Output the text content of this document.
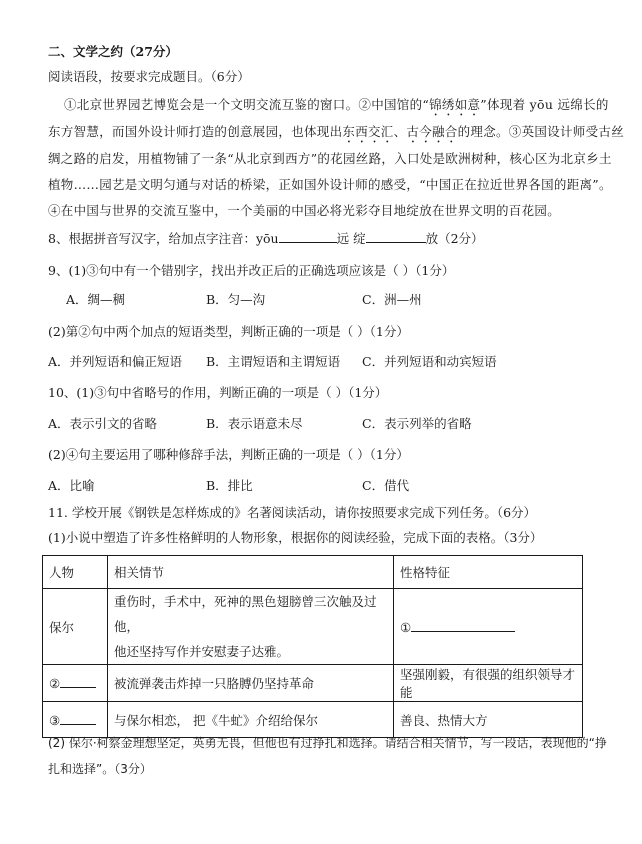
二、文学之约（27分）
阅读语段，按要求完成题目。（6分）
①北京世界园艺博览会是一个文明交流互鉴的窗口。②中国馆的“锦绣如意”体现着 yōu 远绵长的
东方智慧，而国外设计师打造的创意展园，也体现出东西交汇、古今融合的理念。③英国设计师受古丝
绸之路的启发，用植物铺了一条“从北京到西方”的花园丝路，入口处是欧洲树种，核心区为北京乡土
植物……园艺是文明匀通与对话的桥梁，正如国外设计师的感受，“中国正在拉近世界各国的距离”。
④在中国与世界的交流互鉴中，一个美丽的中国必将光彩夺目地绽放在世界文明的百花园。
8、根据拼音写汉字，给加点字注音：yōu	远 绽	放（2分）
9、(1)③句中有一个错别字，找出并改正后的正确选项应该是（ ）（1分）
A．绸—稠	B．匀—沟	C．洲—州
(2)第②句中两个加点的短语类型，判断正确的一项是（ ）（1分）
A．并列短语和偏正短语 B．主谓短语和主谓短语 C．并列短语和动宾短语
10、(1)③句中省略号的作用，判断正确的一项是（ ）（1分）
A．表示引文的省略	B．表示语意未尽	C．表示列举的省略
(2)④句主要运用了哪种修辞手法，判断正确的一项是（ ）（1分）
A．比喻	B．排比	C．借代
11. 学校开展《钢铁是怎样炼成的》名著阅读活动，请你按照要求完成下列任务。（6分）
(1)小说中塑造了许多性格鲜明的人物形象，根据你的阅读经验，完成下面的表格。（3分）
人物	相关情节	性格特征
保尔	重伤时，手术中，死神的黑色翅膀曾三次触及过他，
他还坚持写作并安慰妻子达雅。	①
②	被流弹袭击炸掉一只胳膊仍坚持革命	坚强刚毅，有很强的组织领导才能
③	与保尔相恋， 把《牛虻》介绍给保尔	善良、热情大方
(2) 保尔·柯察金理想坚定，英勇无畏，但他也有过挣扎和选择。请结合相关情节，写一段话，表现他的“挣
扎和选择”。（3分）
